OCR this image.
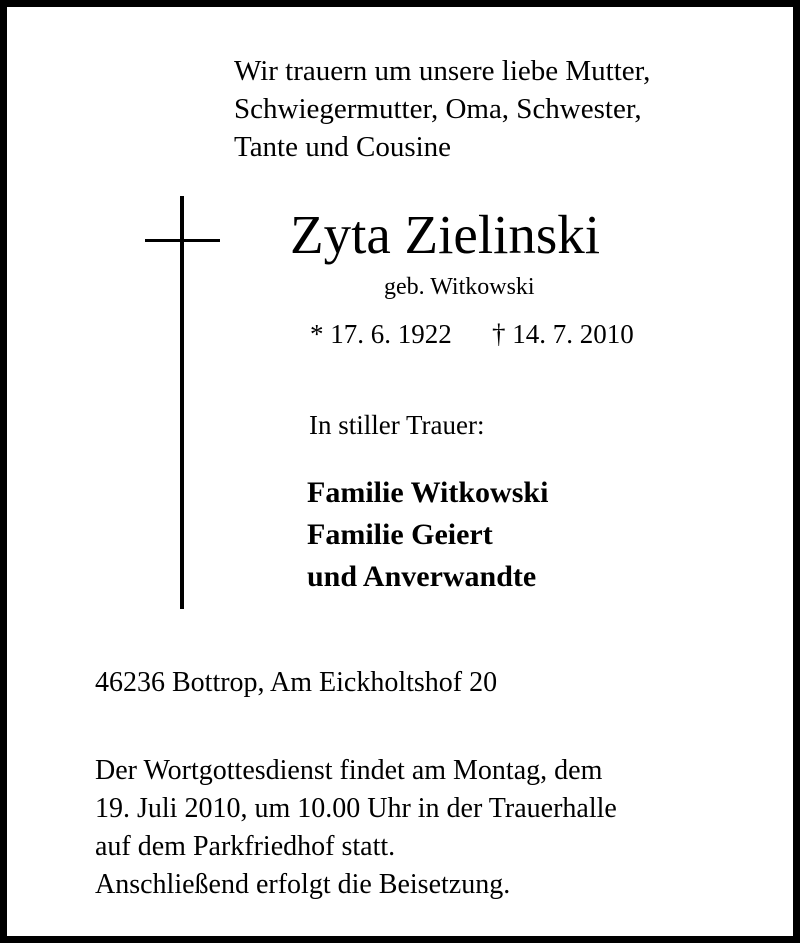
Wir trauern um unsere liebe Mutter,
Schwiegermutter, Oma, Schwester,
Tante und Cousine
Zyta Zielinski
geb. Witkowski
* 17. 6. 1922 † 14. 7. 2010
In stiller Trauer:
Familie Witkowski
Familie Geiert
und Anverwandte
46236 Bottrop, Am Eickholtshof 20
Der Wortgottesdienst findet am Montag, dem
19. Juli 2010, um 10.00 Uhr in der Trauerhalle
auf dem Parkfriedhof statt.
Anschließend erfolgt die Beisetzung.
